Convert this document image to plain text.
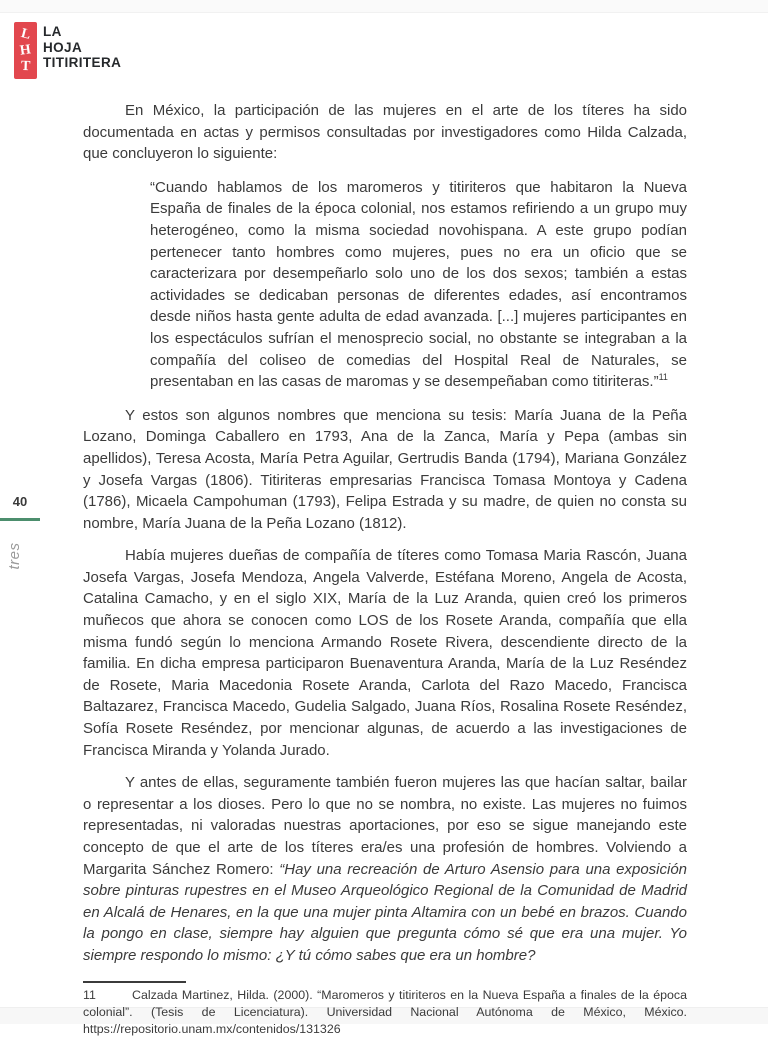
L
H
T
LA
HOJA
TITIRITERA
40
tres

En México, la participación de las mujeres en el arte de los títeres ha sido documentada en actas y permisos consultadas por investigadores como Hilda Calzada, que concluyeron lo siguiente:

“Cuando hablamos de los maromeros y titiriteros que habitaron la Nueva España de finales de la época colonial, nos estamos refiriendo a un grupo muy heterogéneo, como la misma sociedad novohispana. A este grupo podían pertenecer tanto hombres como mujeres, pues no era un oficio que se caracterizara por desempeñarlo solo uno de los dos sexos; también a estas actividades se dedicaban personas de diferentes edades, así encontramos desde niños hasta gente adulta de edad avanzada. [...] mujeres participantes en los espectáculos sufrían el menosprecio social, no obstante se integraban a la compañía del coliseo de comedias del Hospital Real de Naturales, se presentaban en las casas de maromas y se desempeñaban como titiriteras.”$^{11}$

Y estos son algunos nombres que menciona su tesis: María Juana de la Peña Lozano, Dominga Caballero en 1793, Ana de la Zanca, María y Pepa (ambas sin apellidos), Teresa Acosta, María Petra Aguilar, Gertrudis Banda (1794), Mariana González y Josefa Vargas (1806). Titiriteras empresarias Francisca Tomasa Montoya y Cadena (1786), Micaela Campohuman (1793), Felipa Estrada y su madre, de quien no consta su nombre, María Juana de la Peña Lozano (1812).

Había mujeres dueñas de compañía de títeres como Tomasa Maria Rascón, Juana Josefa Vargas, Josefa Mendoza, Angela Valverde, Estéfana Moreno, Angela de Acosta, Catalina Camacho, y en el siglo XIX, María de la Luz Aranda, quien creó los primeros muñecos que ahora se conocen como LOS de los Rosete Aranda, compañía que ella misma fundó según lo menciona Armando Rosete Rivera, descendiente directo de la familia. En dicha empresa participaron Buenaventura Aranda, María de la Luz Reséndez de Rosete, Maria Macedonia Rosete Aranda, Carlota del Razo Macedo, Francisca Baltazarez, Francisca Macedo, Gudelia Salgado, Juana Ríos, Rosalina Rosete Reséndez, Sofía Rosete Reséndez, por mencionar algunas, de acuerdo a las investigaciones de Francisca Miranda y Yolanda Jurado.

Y antes de ellas, seguramente también fueron mujeres las que hacían saltar, bailar o representar a los dioses. Pero lo que no se nombra, no existe. Las mujeres no fuimos representadas, ni valoradas nuestras aportaciones, por eso se sigue manejando este concepto de que el arte de los títeres era/es una profesión de hombres. Volviendo a Margarita Sánchez Romero: “Hay una recreación de Arturo Asensio para una exposición sobre pinturas rupestres en el Museo Arqueológico Regional de la Comunidad de Madrid en Alcalá de Henares, en la que una mujer pinta Altamira con un bebé en brazos. Cuando la pongo en clase, siempre hay alguien que pregunta cómo sé que era una mujer. Yo siempre respondo lo mismo: ¿Y tú cómo sabes que era un hombre?

11	Calzada Martinez, Hilda. (2000). “Maromeros y titiriteros en la Nueva España a finales de la época colonial”. (Tesis de Licenciatura). Universidad Nacional Autónoma de México, México. https://repositorio.unam.mx/contenidos/131326
